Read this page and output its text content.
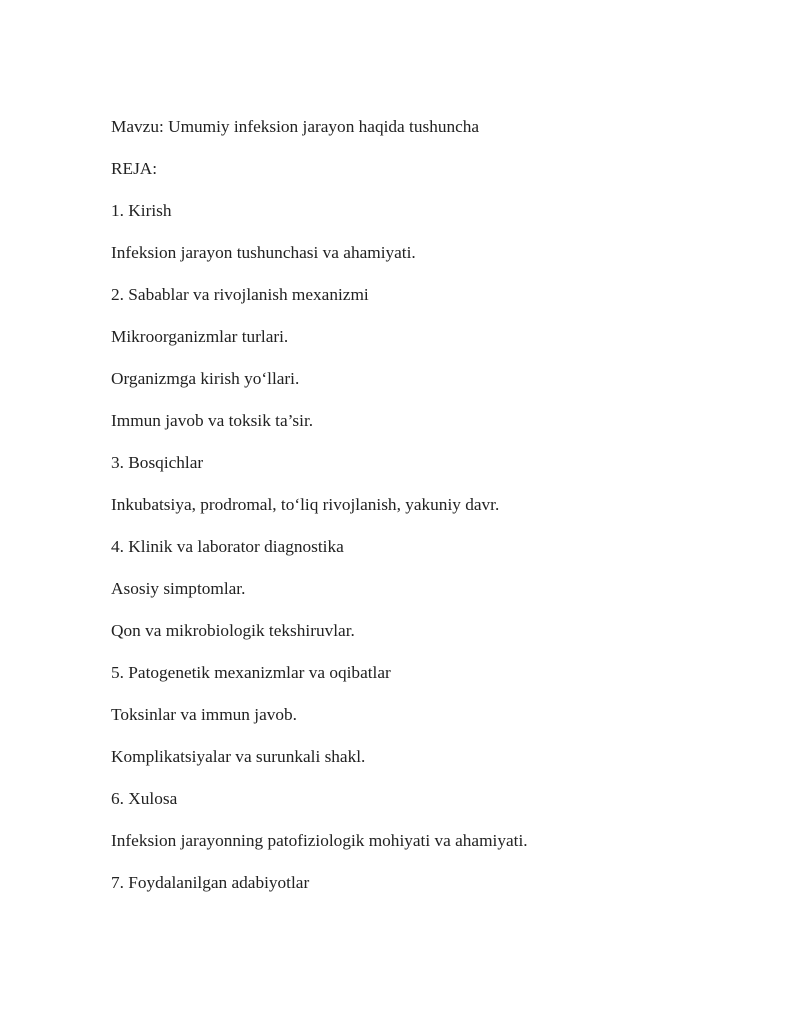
Mavzu: Umumiy infeksion jarayon haqida tushuncha
REJA:
1. Kirish
Infeksion jarayon tushunchasi va ahamiyati.
2. Sabablar va rivojlanish mexanizmi
Mikroorganizmlar turlari.
Organizmga kirish yo‘llari.
Immun javob va toksik ta’sir.
3. Bosqichlar
Inkubatsiya, prodromal, to‘liq rivojlanish, yakuniy davr.
4. Klinik va laborator diagnostika
Asosiy simptomlar.
Qon va mikrobiologik tekshiruvlar.
5. Patogenetik mexanizmlar va oqibatlar
Toksinlar va immun javob.
Komplikatsiyalar va surunkali shakl.
6. Xulosa
Infeksion jarayonning patofiziologik mohiyati va ahamiyati.
7. Foydalanilgan adabiyotlar
